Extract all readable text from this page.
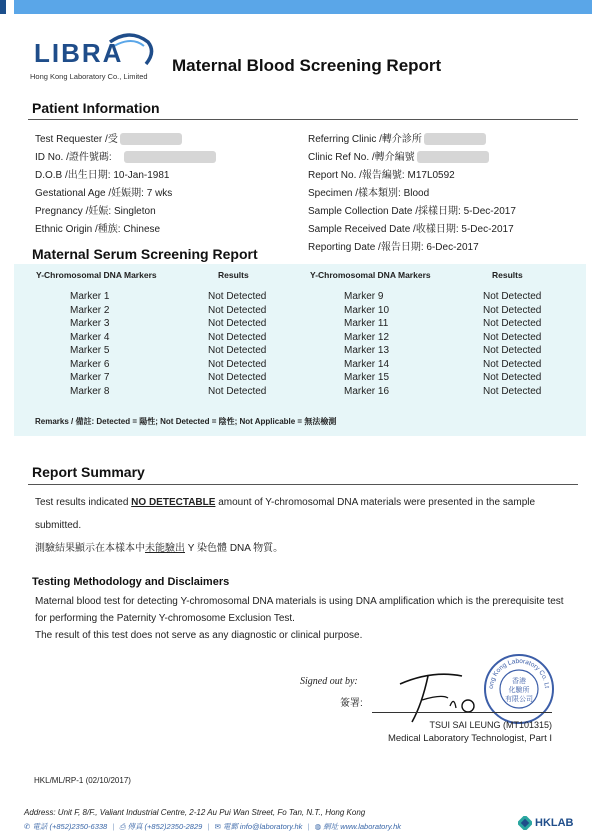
LIBRA
Hong Kong Laboratory Co., Limited
Maternal Blood Screening Report
Patient Information
Test Requester /受
ID No. /證件號碼:
D.O.B /出生日期: 10-Jan-1981
Gestational Age /妊娠期: 7 wks
Pregnancy /妊娠: Singleton
Ethnic Origin /種族: Chinese
Referring Clinic /轉介診所
Clinic Ref No. /轉介編號
Report No. /報告編號: M17L0592
Specimen /樣本類別: Blood
Sample Collection Date /採樣日期: 5-Dec-2017
Sample Received Date /收樣日期: 5-Dec-2017
Reporting Date /報告日期: 6-Dec-2017
Maternal Serum Screening Report
Y-Chromosomal DNA Markers	Results	Y-Chromosomal DNA Markers	Results
Marker 1	Not Detected
Marker 2	Not Detected
Marker 3	Not Detected
Marker 4	Not Detected
Marker 5	Not Detected
Marker 6	Not Detected
Marker 7	Not Detected
Marker 8	Not Detected
Marker 9	Not Detected
Marker 10	Not Detected
Marker 11	Not Detected
Marker 12	Not Detected
Marker 13	Not Detected
Marker 14	Not Detected
Marker 15	Not Detected
Marker 16	Not Detected
Remarks / 備註: Detected = 陽性; Not Detected = 陰性; Not Applicable = 無法檢測
Report Summary
Test results indicated NO DETECTABLE amount of Y-chromosomal DNA materials were presented in the sample
submitted.
測驗結果顯示在本樣本中未能驗出 Y 染色體 DNA 物質。
Testing Methodology and Disclaimers
Maternal blood test for detecting Y-chromosomal DNA materials is using DNA amplification which is the prerequisite test
for performing the Paternity Y-chromosome Exclusion Test.
The result of this test does not serve as any diagnostic or clinical purpose.
Signed out by:
簽署:
ong Kong Laboratory Co. Lt
香港
化驗所
有限公司
TSUI SAI LEUNG (MT101315)
Medical Laboratory Technologist, Part I
HKL/ML/RP-1 (02/10/2017)
Address: Unit F, 8/F., Valiant Industrial Centre, 2-12 Au Pui Wan Street, Fo Tan, N.T., Hong Kong
✆ 電話 (+852)2350-6338 | ⎙ 傳真 (+852)2350-2829 | ✉ 電郵 info@laboratory.hk | ◍ 網址 www.laboratory.hk	HKLAB
